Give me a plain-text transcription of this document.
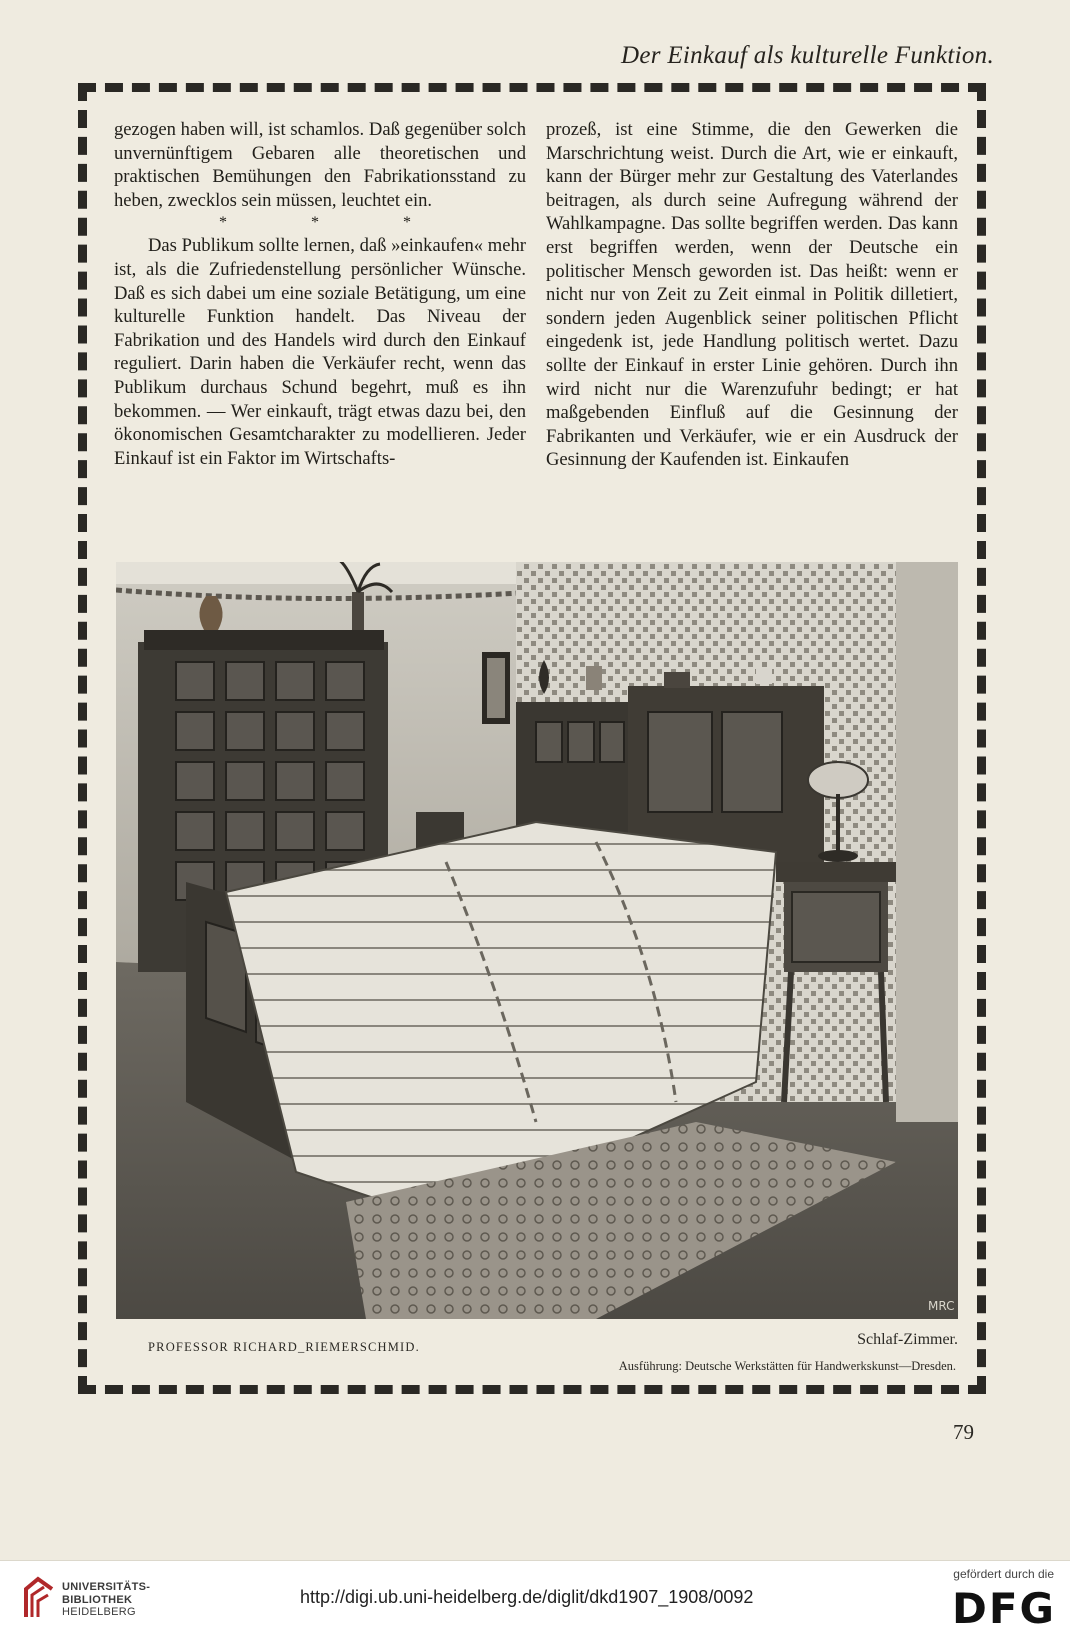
Der Einkauf als kulturelle Funktion.

gezogen haben will, ist schamlos. Daß gegenüber solch unvernünftigem Gebaren alle theoretischen und praktischen Bemühungen den Fabrikationsstand zu heben, zwecklos sein müssen, leuchtet ein.

* * *

Das Publikum sollte lernen, daß »einkaufen« mehr ist, als die Zufriedenstellung persönlicher Wünsche. Daß es sich dabei um eine soziale Betätigung, um eine kulturelle Funktion handelt. Das Niveau der Fabrikation und des Handels wird durch den Einkauf reguliert. Darin haben die Verkäufer recht, wenn das Publikum durchaus Schund begehrt, muß es ihn bekommen. — Wer einkauft, trägt etwas dazu bei, den ökonomischen Gesamtcharakter zu modellieren. Jeder Einkauf ist ein Faktor im Wirtschafts-

prozeß, ist eine Stimme, die den Gewerken die Marschrichtung weist. Durch die Art, wie er einkauft, kann der Bürger mehr zur Gestaltung des Vaterlandes beitragen, als durch seine Aufregung während der Wahlkampagne. Das sollte begriffen werden. Das kann erst begriffen werden, wenn der Deutsche ein politischer Mensch geworden ist. Das heißt: wenn er nicht nur von Zeit zu Zeit einmal in Politik dilletiert, sondern jeden Augenblick seiner politischen Pflicht eingedenk ist, jede Handlung politisch wertet. Dazu sollte der Einkauf in erster Linie gehören. Durch ihn wird nicht nur die Warenzufuhr bedingt; er hat maßgebenden Einfluß auf die Gesinnung der Fabrikanten und Verkäufer, wie er ein Ausdruck der Gesinnung der Kaufenden ist. Einkaufen

MRC
PROFESSOR RICHARD_RIEMERSCHMID.	Schlaf-Zimmer.
Ausführung: Deutsche Werkstätten für Handwerkskunst—Dresden.
79
UNIVERSITÄTS-
BIBLIOTHEK
HEIDELBERG
http://digi.ub.uni-heidelberg.de/diglit/dkd1907_1908/0092
gefördert durch die
DFG
